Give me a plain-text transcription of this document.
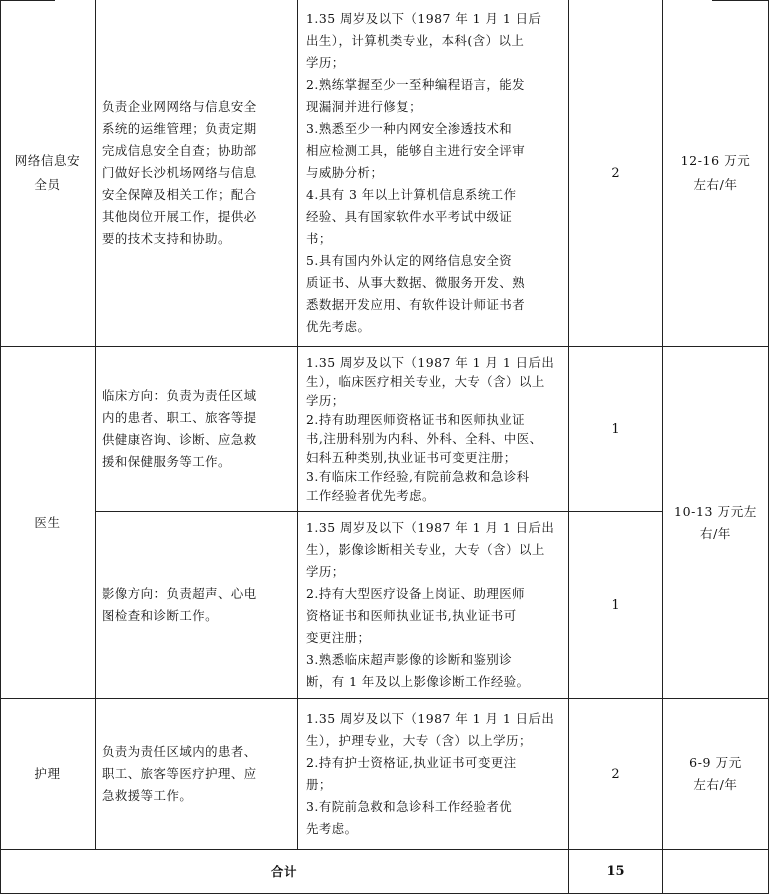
网络信息安
全员
负责企业网网络与信息安全
系统的运维管理；负责定期
完成信息安全自查；协助部
门做好长沙机场网络与信息
安全保障及相关工作；配合
其他岗位开展工作，提供必
要的技术支持和协助。
1.35 周岁及以下（1987 年 1 月 1 日后
出生），计算机类专业，本科(含）以上
学历；
2.熟练掌握至少一至种编程语言，能发
现漏洞并进行修复；
3.熟悉至少一种内网安全渗透技术和
相应检测工具，能够自主进行安全评审
与威胁分析；
4.具有 3 年以上计算机信息系统工作
经验、具有国家软件水平考试中级证
书；
5.具有国内外认定的网络信息安全资
质证书、从事大数据、微服务开发、熟
悉数据开发应用、有软件设计师证书者
优先考虑。
2
12-16 万元
左右/年
医生
临床方向：负责为责任区域
内的患者、职工、旅客等提
供健康咨询、诊断、应急救
援和保健服务等工作。
1.35 周岁及以下（1987 年 1 月 1 日后出
生），临床医疗相关专业，大专（含）以上
学历；
2.持有助理医师资格证书和医师执业证
书,注册科别为内科、外科、全科、中医、
妇科五种类别,执业证书可变更注册；
3.有临床工作经验,有院前急救和急诊科
工作经验者优先考虑。
1
影像方向：负责超声、心电
图检查和诊断工作。
1.35 周岁及以下（1987 年 1 月 1 日后出
生），影像诊断相关专业，大专（含）以上
学历；
2.持有大型医疗设备上岗证、助理医师
资格证书和医师执业证书,执业证书可
变更注册；
3.熟悉临床超声影像的诊断和鉴别诊
断，有 1 年及以上影像诊断工作经验。
1
10-13 万元左
右/年
护理
负责为责任区域内的患者、
职工、旅客等医疗护理、应
急救援等工作。
1.35 周岁及以下（1987 年 1 月 1 日后出
生），护理专业，大专（含）以上学历；
2.持有护士资格证,执业证书可变更注
册；
3.有院前急救和急诊科工作经验者优
先考虑。
2
6-9 万元
左右/年
合计	15
